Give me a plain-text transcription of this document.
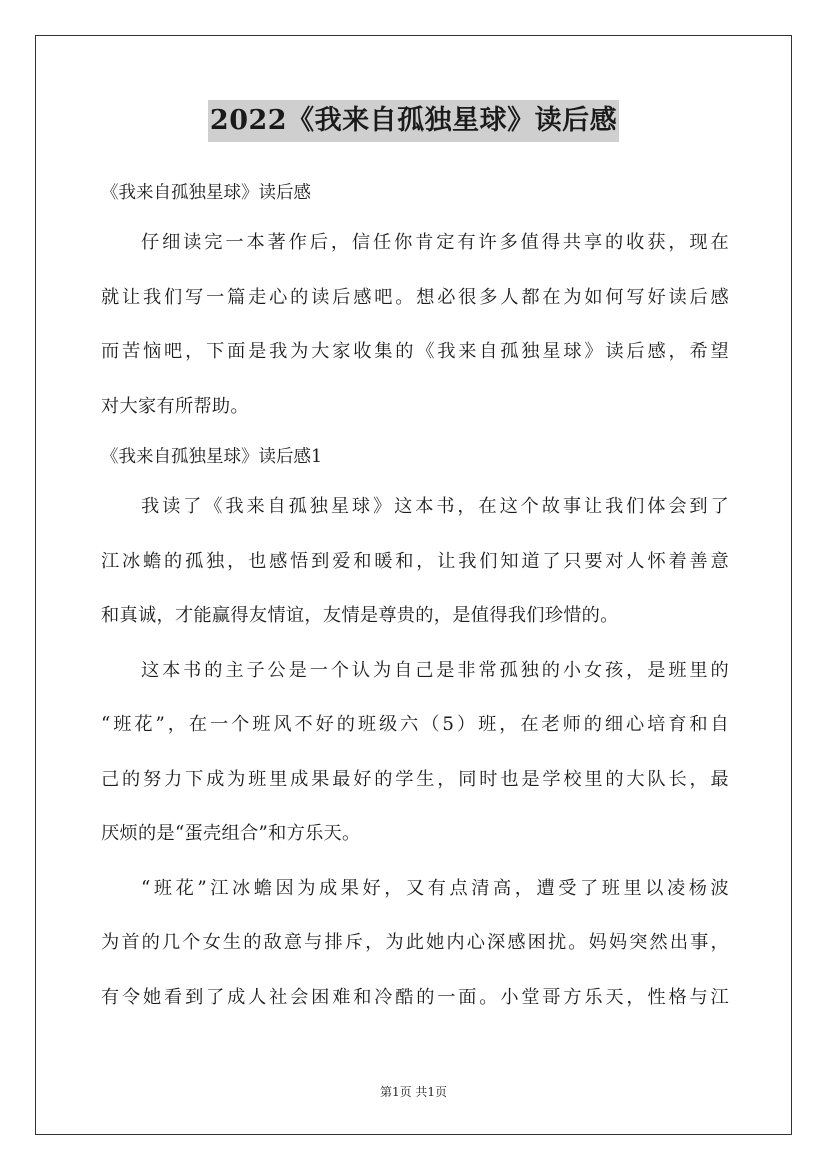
2022《我来自孤独星球》读后感

《我来自孤独星球》读后感

仔细读完一本著作后，信任你肯定有许多值得共享的收获，现在

就让我们写一篇走心的读后感吧。想必很多人都在为如何写好读后感

而苦恼吧，下面是我为大家收集的《我来自孤独星球》读后感，希望

对大家有所帮助。

《我来自孤独星球》读后感1

我读了《我来自孤独星球》这本书，在这个故事让我们体会到了

江冰蟾的孤独，也感悟到爱和暖和，让我们知道了只要对人怀着善意

和真诚，才能赢得友情谊，友情是尊贵的，是值得我们珍惜的。

这本书的主子公是一个认为自己是非常孤独的小女孩，是班里的

“班花”，在一个班风不好的班级六（5）班，在老师的细心培育和自

己的努力下成为班里成果最好的学生，同时也是学校里的大队长，最

厌烦的是“蛋壳组合”和方乐天。

“班花”江冰蟾因为成果好，又有点清高，遭受了班里以凌杨波

为首的几个女生的敌意与排斥，为此她内心深感困扰。妈妈突然出事，

有令她看到了成人社会困难和冷酷的一面。小堂哥方乐天，性格与江

第1页 共1页
